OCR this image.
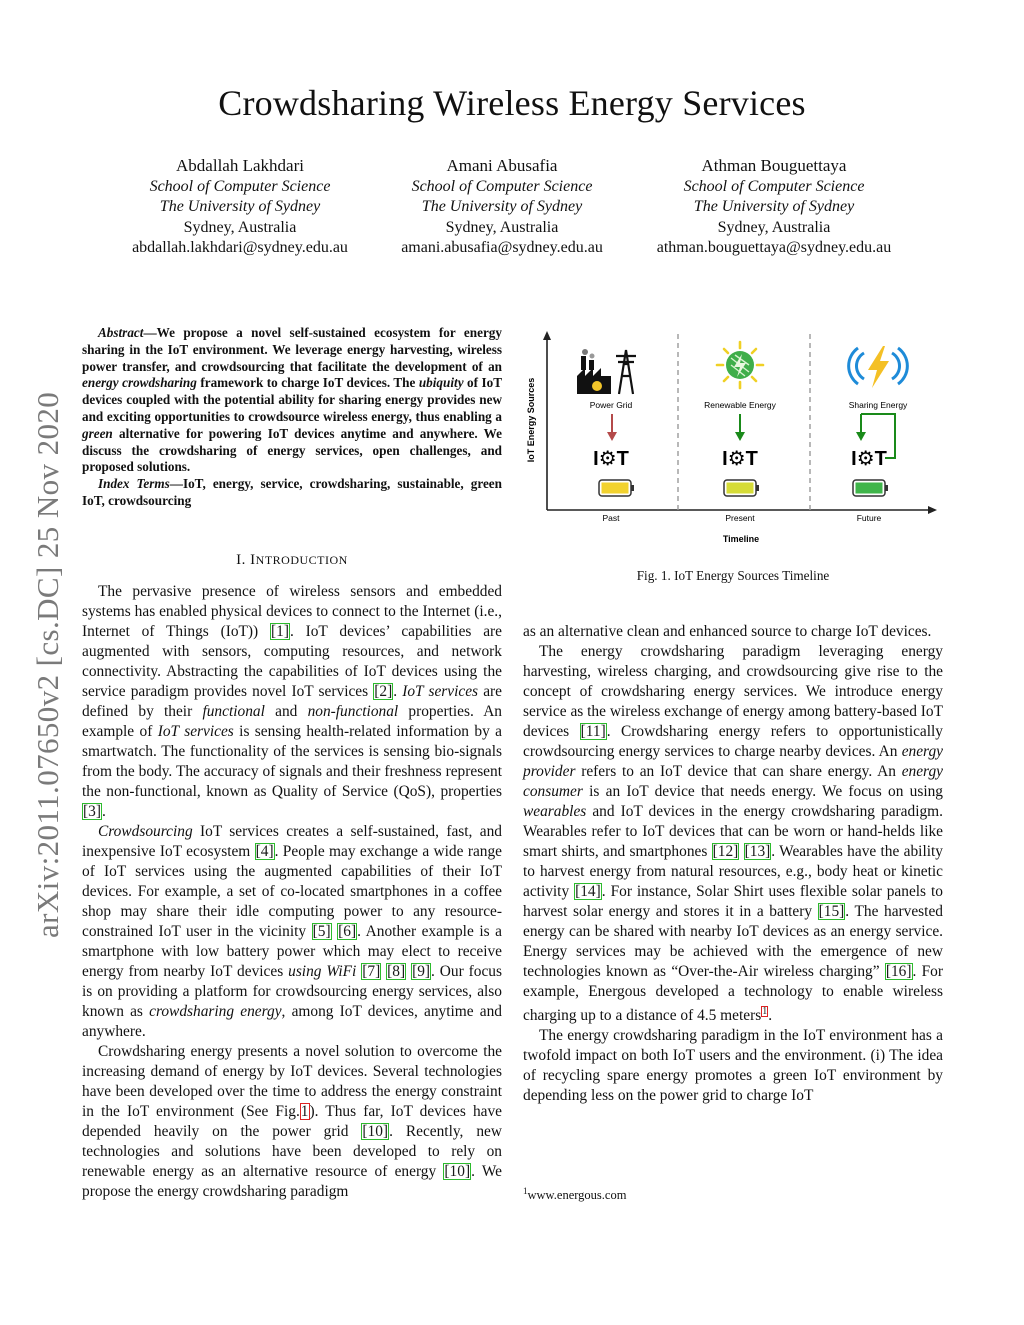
Crowdsharing Wireless Energy Services
Abdallah Lakhdari
School of Computer Science
The University of Sydney
Sydney, Australia
abdallah.lakhdari@sydney.edu.au
Amani Abusafia
School of Computer Science
The University of Sydney
Sydney, Australia
amani.abusafia@sydney.edu.au
Athman Bouguettaya
School of Computer Science
The University of Sydney
Sydney, Australia
athman.bouguettaya@sydney.edu.au
arXiv:2011.07650v2 [cs.DC] 25 Nov 2020

Abstract—We propose a novel self-sustained ecosystem for energy sharing in the IoT environment. We leverage energy harvesting, wireless power transfer, and crowdsourcing that facilitate the development of an energy crowdsharing framework to charge IoT devices. The ubiquity of IoT devices coupled with the potential ability for sharing energy provides new and exciting opportunities to crowdsource wireless energy, thus enabling a green alternative for powering IoT devices anytime and anywhere. We discuss the crowdsharing of energy services, open challenges, and proposed solutions.

Index Terms—IoT, energy, service, crowdsharing, sustainable, green IoT, crowdsourcing

I. INTRODUCTION

The pervasive presence of wireless sensors and embedded systems has enabled physical devices to connect to the Internet (i.e., Internet of Things (IoT)) [1]. IoT devices’ capabilities are augmented with sensors, computing resources, and network connectivity. Abstracting the capabilities of IoT devices using the service paradigm provides novel IoT services [2]. IoT services are defined by their functional and non-functional properties. An example of IoT services is sensing health-related information by a smartwatch. The functionality of the services is sensing bio-signals from the body. The accuracy of signals and their freshness represent the non-functional, known as Quality of Service (QoS), properties [3].

Crowdsourcing IoT services creates a self-sustained, fast, and inexpensive IoT ecosystem [4]. People may exchange a wide range of IoT services using the augmented capabilities of their IoT devices. For example, a set of co-located smartphones in a coffee shop may share their idle computing power to any resource-constrained IoT user in the vicinity [5] [6]. Another example is a smartphone with low battery power which may elect to receive energy from nearby IoT devices using WiFi [7] [8] [9]. Our focus is on providing a platform for crowdsourcing energy services, also known as crowdsharing energy, among IoT devices, anytime and anywhere.

Crowdsharing energy presents a novel solution to overcome the increasing demand of energy by IoT devices. Several technologies have been developed over the time to address the energy constraint in the IoT environment (See Fig.1). Thus far, IoT devices have depended heavily on the power grid [10]. Recently, new technologies and solutions have been developed to rely on renewable energy as an alternative resource of energy [10]. We propose the energy crowdsharing paradigm

IoT Energy Sources
Timeline
Power Grid
I⚙T
Past
Renewable Energy
I⚙T
Present
Sharing Energy
I⚙T
Future
Fig. 1. IoT Energy Sources Timeline

as an alternative clean and enhanced source to charge IoT devices.

The energy crowdsharing paradigm leveraging energy harvesting, wireless charging, and crowdsourcing give rise to the concept of crowdsharing energy services. We introduce energy service as the wireless exchange of energy among battery-based IoT devices [11]. Crowdsharing energy refers to opportunistically crowdsourcing energy services to charge nearby devices. An energy provider refers to an IoT device that can share energy. An energy consumer is an IoT device that needs energy. We focus on using wearables and IoT devices in the energy crowdsharing paradigm. Wearables refer to IoT devices that can be worn or hand-helds like smart shirts, and smartphones [12] [13]. Wearables have the ability to harvest energy from natural resources, e.g., body heat or kinetic activity [14]. For instance, Solar Shirt uses flexible solar panels to harvest solar energy and stores it in a battery [15]. The harvested energy can be shared with nearby IoT devices as an energy service. Energy services may be achieved with the emergence of new technologies known as “Over-the-Air wireless charging” [16]. For example, Energous developed a technology to enable wireless charging up to a distance of 4.5 meters$^1$.

The energy crowdsharing paradigm in the IoT environment has a twofold impact on both IoT users and the environment. (i) The idea of recycling spare energy promotes a green IoT environment by depending less on the power grid to charge IoT

$^1$www.energous.com
